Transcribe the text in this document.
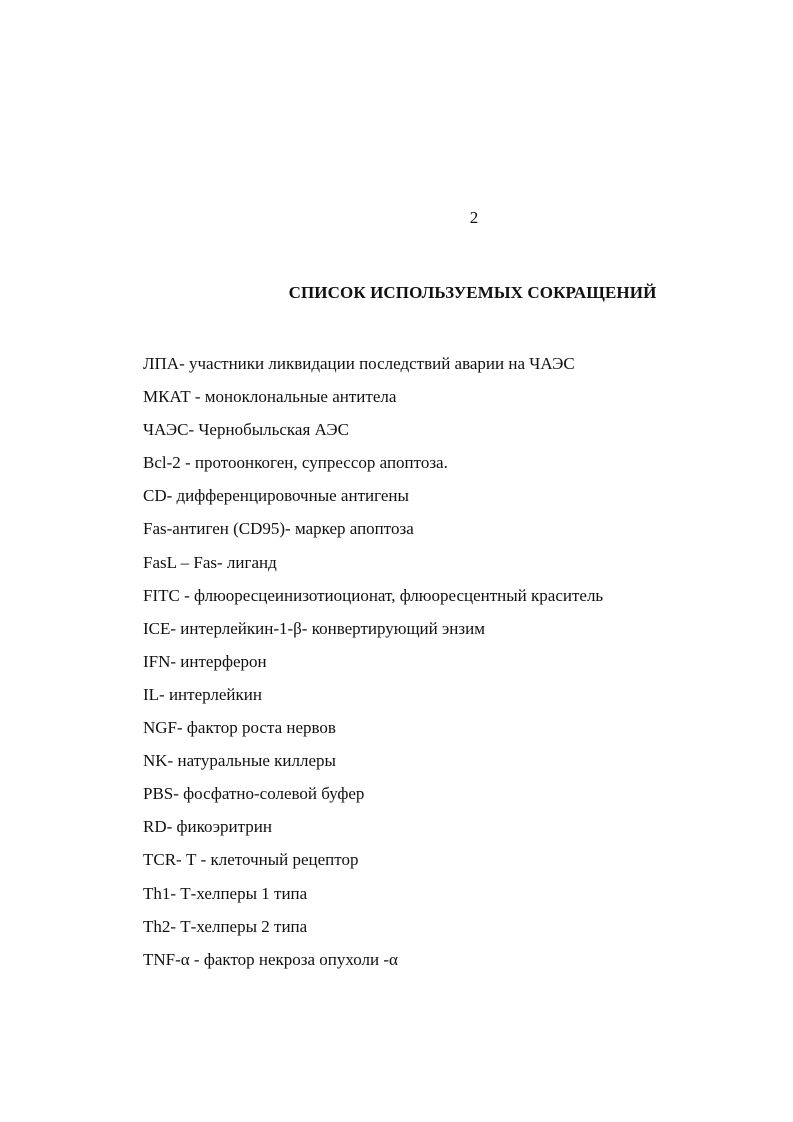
2
СПИСОК ИСПОЛЬЗУЕМЫХ СОКРАЩЕНИЙ
ЛПА- участники ликвидации последствий аварии на ЧАЭС
МКАТ - моноклональные антитела
ЧАЭС- Чернобыльская АЭС
Bcl-2 - протоонкоген, супрессор апоптоза.
CD- дифференцировочные антигены
Fas-антиген (CD95)- маркер апоптоза
FasL – Fas- лиганд
FITC - флюоресцеинизотиоционат, флюоресцентный краситель
ICE- интерлейкин-1-β- конвертирующий энзим
IFN- интерферон
IL- интерлейкин
NGF- фактор роста нервов
NK- натуральные киллеры
PBS- фосфатно-солевой буфер
RD- фикоэритрин
TCR- Т - клеточный рецептор
Th1- Т-хелперы 1 типа
Th2- Т-хелперы 2 типа
TNF-α - фактор некроза опухоли -α
